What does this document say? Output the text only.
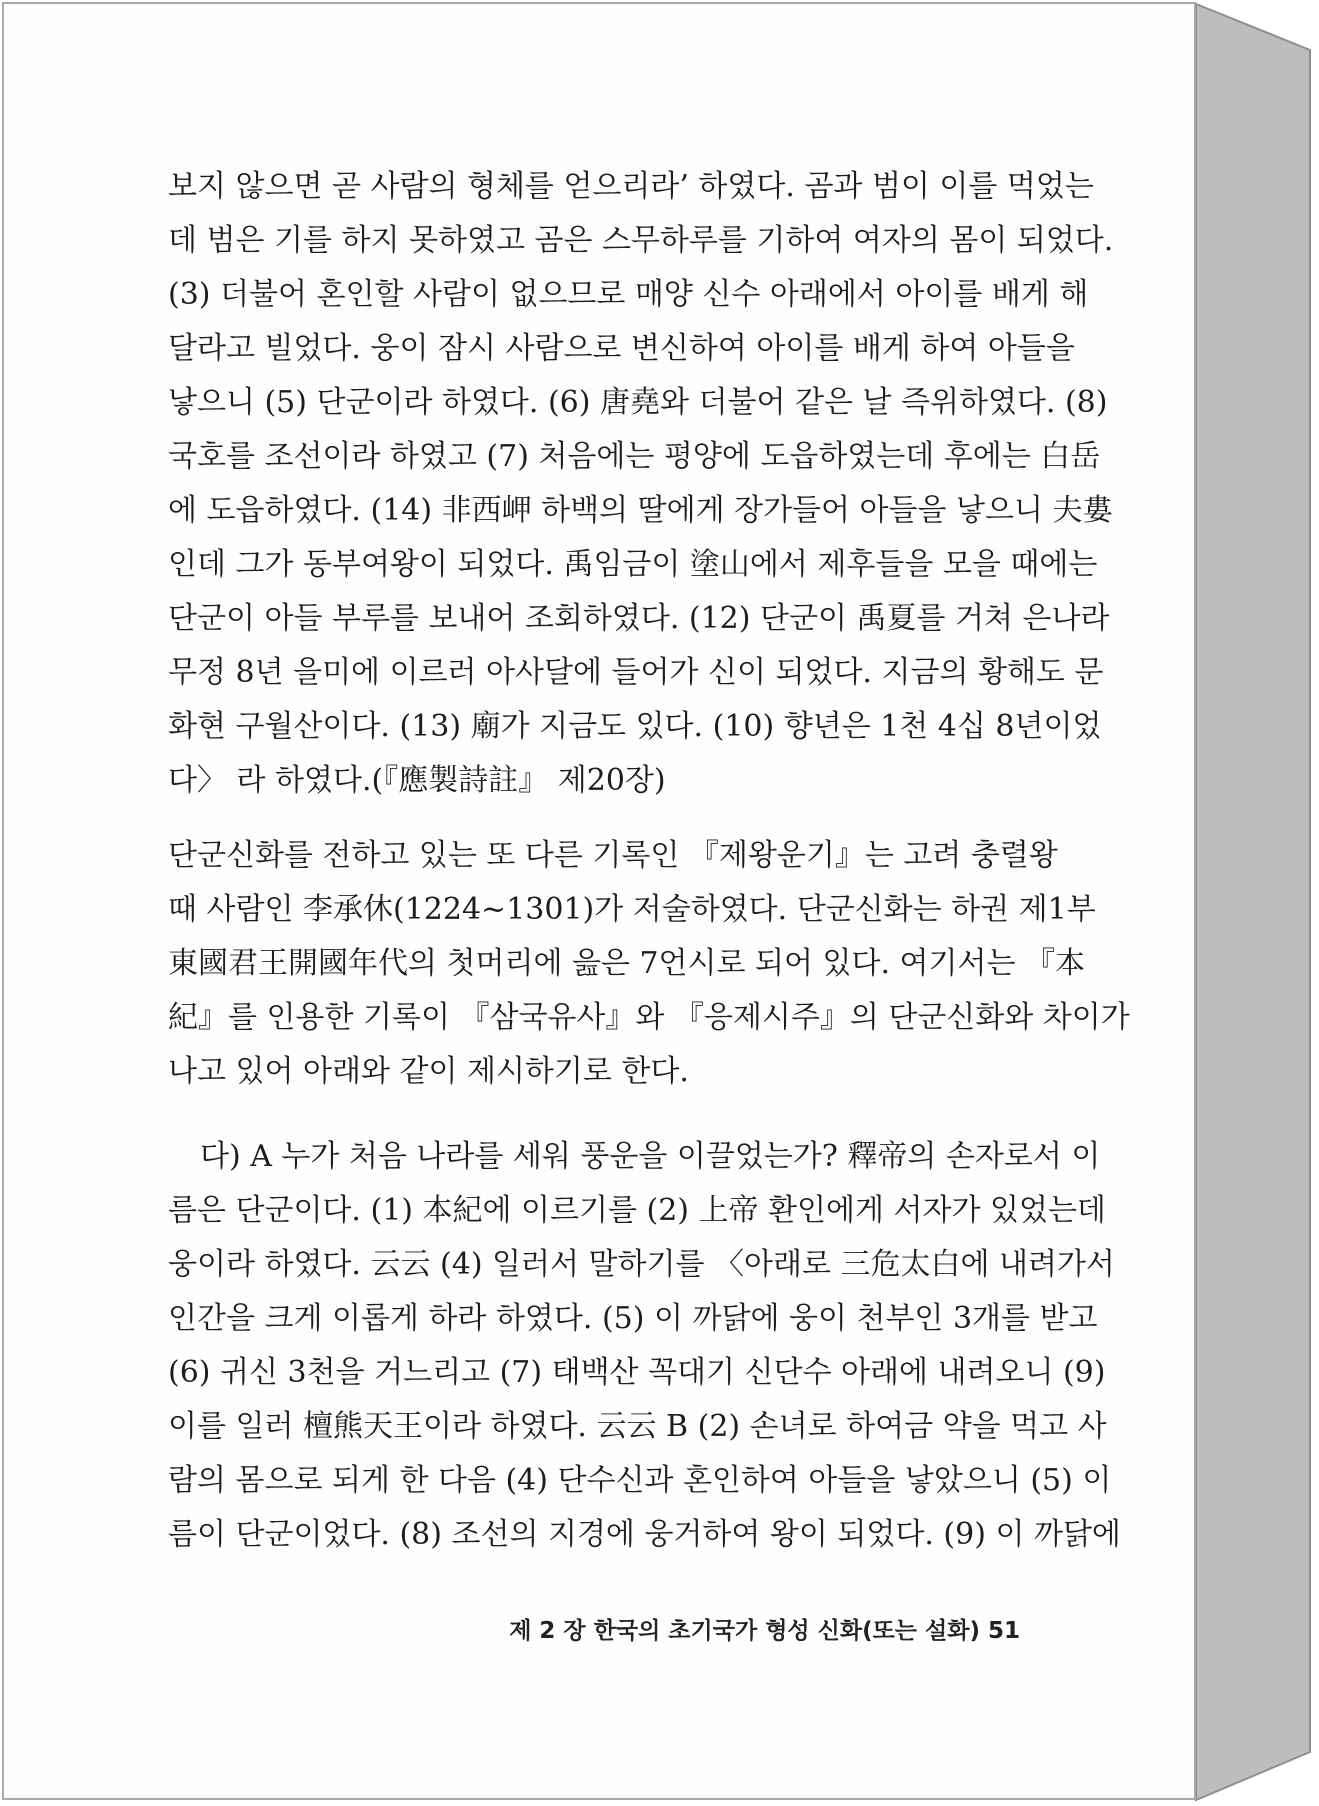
보지 않으면 곧 사람의 형체를 얻으리라’ 하였다. 곰과 범이 이를 먹었는
데 범은 기를 하지 못하였고 곰은 스무하루를 기하여 여자의 몸이 되었다.
(3) 더불어 혼인할 사람이 없으므로 매양 신수 아래에서 아이를 배게 해
달라고 빌었다. 웅이 잠시 사람으로 변신하여 아이를 배게 하여 아들을
낳으니 (5) 단군이라 하였다. (6) 唐堯와 더불어 같은 날 즉위하였다. (8)
국호를 조선이라 하였고 (7) 처음에는 평양에 도읍하였는데 후에는 白岳
에 도읍하였다. (14) 非西岬 하백의 딸에게 장가들어 아들을 낳으니 夫婁
인데 그가 동부여왕이 되었다. 禹임금이 塗山에서 제후들을 모을 때에는
단군이 아들 부루를 보내어 조회하였다. (12) 단군이 禹夏를 거쳐 은나라
무정 8년 을미에 이르러 아사달에 들어가 신이 되었다. 지금의 황해도 문
화현 구월산이다. (13) 廟가 지금도 있다. (10) 향년은 1천 4십 8년이었
다〉 라 하였다.(『應製詩註』 제20장)
단군신화를 전하고 있는 또 다른 기록인 『제왕운기』는 고려 충렬왕
때 사람인 李承休(1224~1301)가 저술하였다. 단군신화는 하권 제1부
東國君王開國年代의 첫머리에 읊은 7언시로 되어 있다. 여기서는 『本
紀』를 인용한 기록이 『삼국유사』와 『응제시주』의 단군신화와 차이가
나고 있어 아래와 같이 제시하기로 한다.
다) A 누가 처음 나라를 세워 풍운을 이끌었는가? 釋帝의 손자로서 이
름은 단군이다. (1) 本紀에 이르기를 (2) 上帝 환인에게 서자가 있었는데
웅이라 하였다. 云云 (4) 일러서 말하기를 〈아래로 三危太白에 내려가서
인간을 크게 이롭게 하라 하였다. (5) 이 까닭에 웅이 천부인 3개를 받고
(6) 귀신 3천을 거느리고 (7) 태백산 꼭대기 신단수 아래에 내려오니 (9)
이를 일러 檀熊天王이라 하였다. 云云 B (2) 손녀로 하여금 약을 먹고 사
람의 몸으로 되게 한 다음 (4) 단수신과 혼인하여 아들을 낳았으니 (5) 이
름이 단군이었다. (8) 조선의 지경에 웅거하여 왕이 되었다. (9) 이 까닭에
제 2 장 한국의 초기국가 형성 신화(또는 설화) 51
